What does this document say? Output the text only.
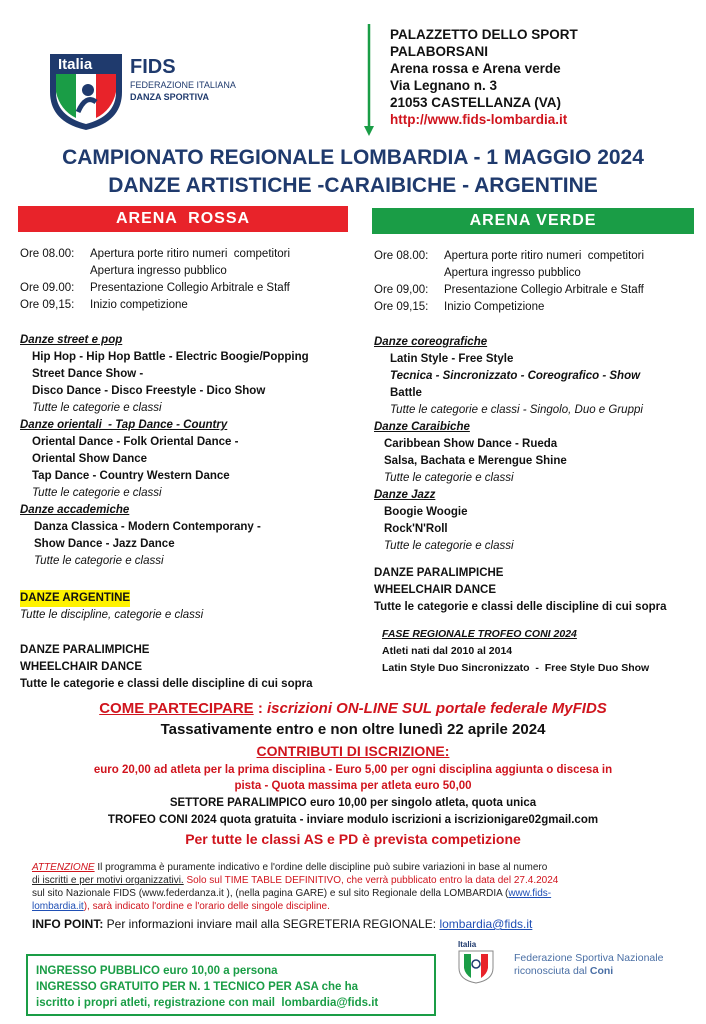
Italia FIDS
FEDERAZIONE ITALIANA
DANZA SPORTIVA
PALAZZETTO DELLO SPORT
PALABORSANI
Arena rossa e Arena verde
Via Legnano n. 3
21053 CASTELLANZA (VA)
http://www.fids-lombardia.it
CAMPIONATO REGIONALE LOMBARDIA - 1 MAGGIO 2024
DANZE ARTISTICHE -CARAIBICHE - ARGENTINE
ARENA  ROSSA	ARENA VERDE
Ore 08.00:	Apertura porte ritiro numeri  competitori
Apertura ingresso pubblico
Ore 09.00:	Presentazione Collegio Arbitrale e Staff
Ore 09,15:	Inizio competizione
Danze street e pop
Hip Hop - Hip Hop Battle - Electric Boogie/Popping
Street Dance Show -
Disco Dance - Disco Freestyle - Dico Show
Tutte le categorie e classi
Danze orientali  - Tap Dance - Country
Oriental Dance - Folk Oriental Dance -
Oriental Show Dance
Tap Dance - Country Western Dance
Tutte le categorie e classi
Danze accademiche
Danza Classica - Modern Contemporany -
Show Dance - Jazz Dance
Tutte le categorie e classi
DANZE ARGENTINE
Tutte le discipline, categorie e classi
DANZE PARALIMPICHE
WHEELCHAIR DANCE
Tutte le categorie e classi delle discipline di cui sopra
Ore 08.00:	Apertura porte ritiro numeri  competitori
Apertura ingresso pubblico
Ore 09,00:	Presentazione Collegio Arbitrale e Staff
Ore 09,15:	Inizio Competizione
Danze coreografiche
Latin Style - Free Style
Tecnica - Sincronizzato - Coreografico - Show
Battle
Tutte le categorie e classi - Singolo, Duo e Gruppi
Danze Caraibiche
Caribbean Show Dance - Rueda
Salsa, Bachata e Merengue Shine
Tutte le categorie e classi
Danze Jazz
Boogie Woogie
Rock'N'Roll
Tutte le categorie e classi
DANZE PARALIMPICHE
WHEELCHAIR DANCE
Tutte le categorie e classi delle discipline di cui sopra
FASE REGIONALE TROFEO CONI 2024
Atleti nati dal 2010 al 2014
Latin Style Duo Sincronizzato  -  Free Style Duo Show
COME PARTECIPARE : iscrizioni ON-LINE SUL portale federale MyFIDS
Tassativamente entro e non oltre lunedì 22 aprile 2024
CONTRIBUTI DI ISCRIZIONE:
euro 20,00 ad atleta per la prima disciplina - Euro 5,00 per ogni disciplina aggiunta o discesa in
pista - Quota massima per atleta euro 50,00
SETTORE PARALIMPICO euro 10,00 per singolo atleta, quota unica
TROFEO CONI 2024 quota gratuita - inviare modulo iscrizioni a iscrizionigare02gmail.com
Per tutte le classi AS e PD è prevista competizione
ATTENZIONE Il programma è puramente indicativo e l'ordine delle discipline può subire variazioni in base al numero
di iscritti e per motivi organizzativi. Solo sul TIME TABLE DEFINITIVO, che verrà pubblicato entro la data del 27.4.2024
sul sito Nazionale FIDS (www.federdanza.it ), (nella pagina GARE) e sul sito Regionale della LOMBARDIA (www.fids-
lombardia.it), sarà indicato l'ordine e l'orario delle singole discipline.
INFO POINT: Per informazioni inviare mail alla SEGRETERIA REGIONALE: lombardia@fids.it
INGRESSO PUBBLICO euro 10,00 a persona
INGRESSO GRATUITO PER N. 1 TECNICO PER ASA che ha
iscritto i propri atleti, registrazione con mail  lombardia@fids.it
Italia
Federazione Sportiva Nazionale
riconosciuta dal Coni
